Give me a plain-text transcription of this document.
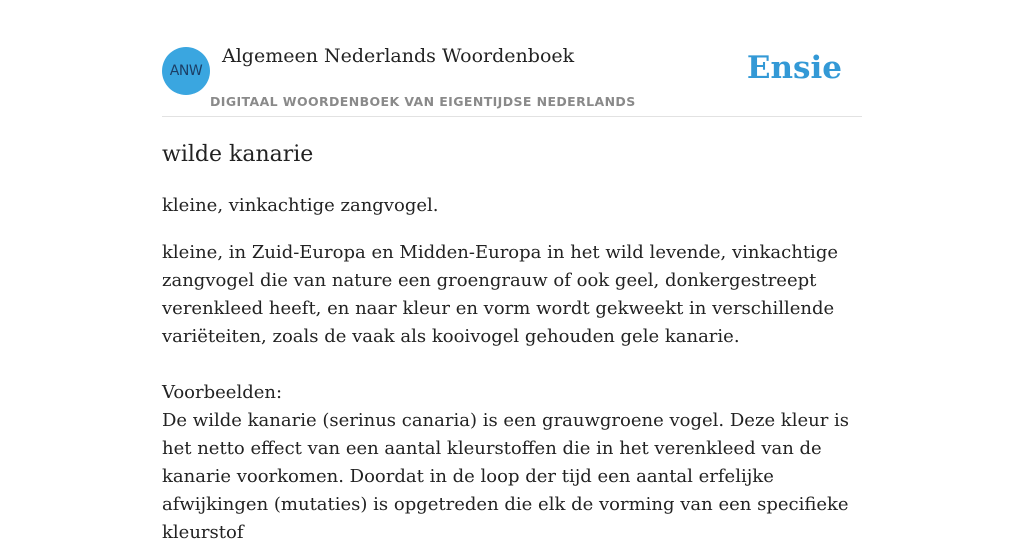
ANW
Algemeen Nederlands Woordenboek
DIGITAAL WOORDENBOEK VAN EIGENTIJDSE NEDERLANDS
Ensie
wilde kanarie

kleine, vinkachtige zangvogel.

kleine, in Zuid-Europa en Midden-Europa in het wild levende, vinkachtige zangvogel die van nature een groengrauw of ook geel, donkergestreept verenkleed heeft, en naar kleur en vorm wordt gekweekt in verschillende variëteiten, zoals de vaak als kooivogel gehouden gele kanarie.

Voorbeelden:

De wilde kanarie (serinus canaria) is een grauwgroene vogel. Deze kleur is het netto effect van een aantal kleurstoffen die in het verenkleed van de kanarie voorkomen. Doordat in de loop der tijd een aantal erfelijke afwijkingen (mutaties) is opgetreden die elk de vorming van een specifieke kleurstof
